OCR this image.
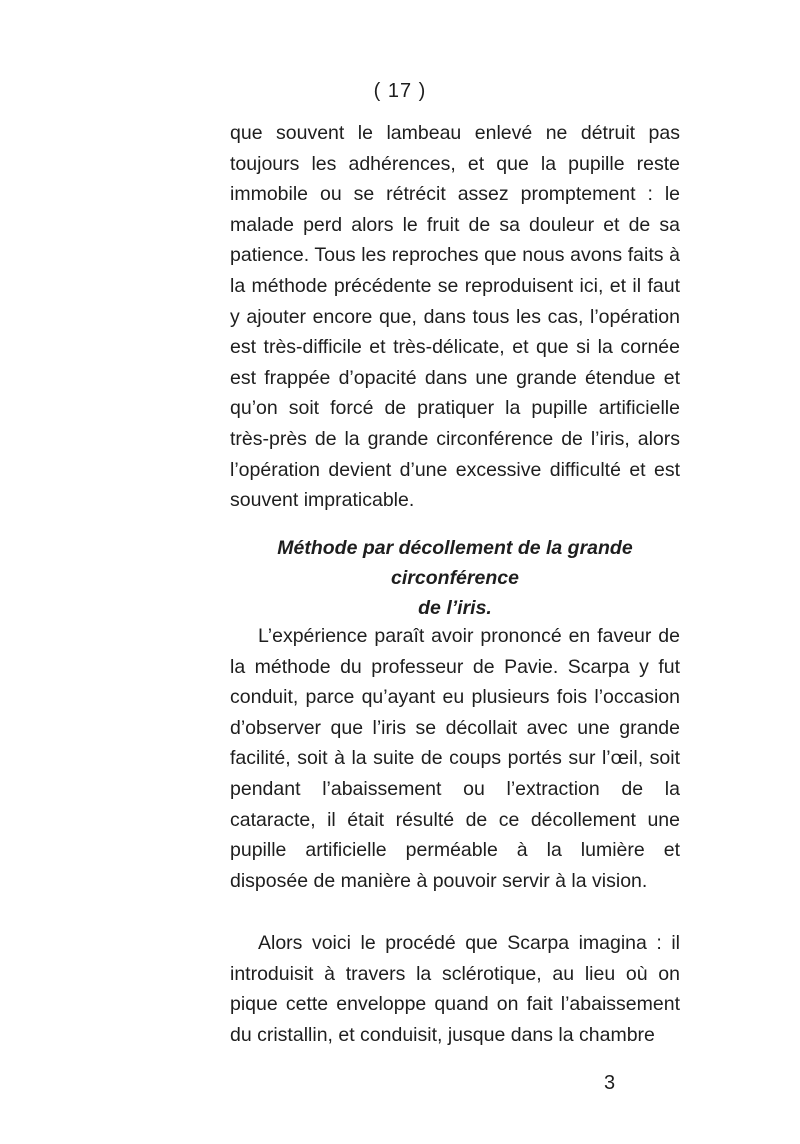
( 17 )

que souvent le lambeau enlevé ne détruit pas toujours les adhérences, et que la pupille reste immobile ou se rétrécit assez promptement : le malade perd alors le fruit de sa douleur et de sa patience. Tous les reproches que nous avons faits à la méthode précédente se reproduisent ici, et il faut y ajouter encore que, dans tous les cas, l’opération est très-difficile et très-délicate, et que si la cornée est frappée d’opacité dans une grande étendue et qu’on soit forcé de pratiquer la pupille artificielle très-près de la grande circonférence de l’iris, alors l’opération devient d’une excessive difficulté et est souvent impraticable.

Méthode par décollement de la grande circonférence
de l’iris.

L’expérience paraît avoir prononcé en faveur de la méthode du professeur de Pavie. Scarpa y fut conduit, parce qu’ayant eu plusieurs fois l’occasion d’observer que l’iris se décollait avec une grande facilité, soit à la suite de coups portés sur l’œil, soit pendant l’abaissement ou l’extraction de la cataracte, il était résulté de ce décollement une pupille artificielle perméable à la lumière et disposée de manière à pouvoir servir à la vision.

Alors voici le procédé que Scarpa imagina : il introduisit à travers la sclérotique, au lieu où on pique cette enveloppe quand on fait l’abaissement du cristallin, et conduisit, jusque dans la chambre

3
